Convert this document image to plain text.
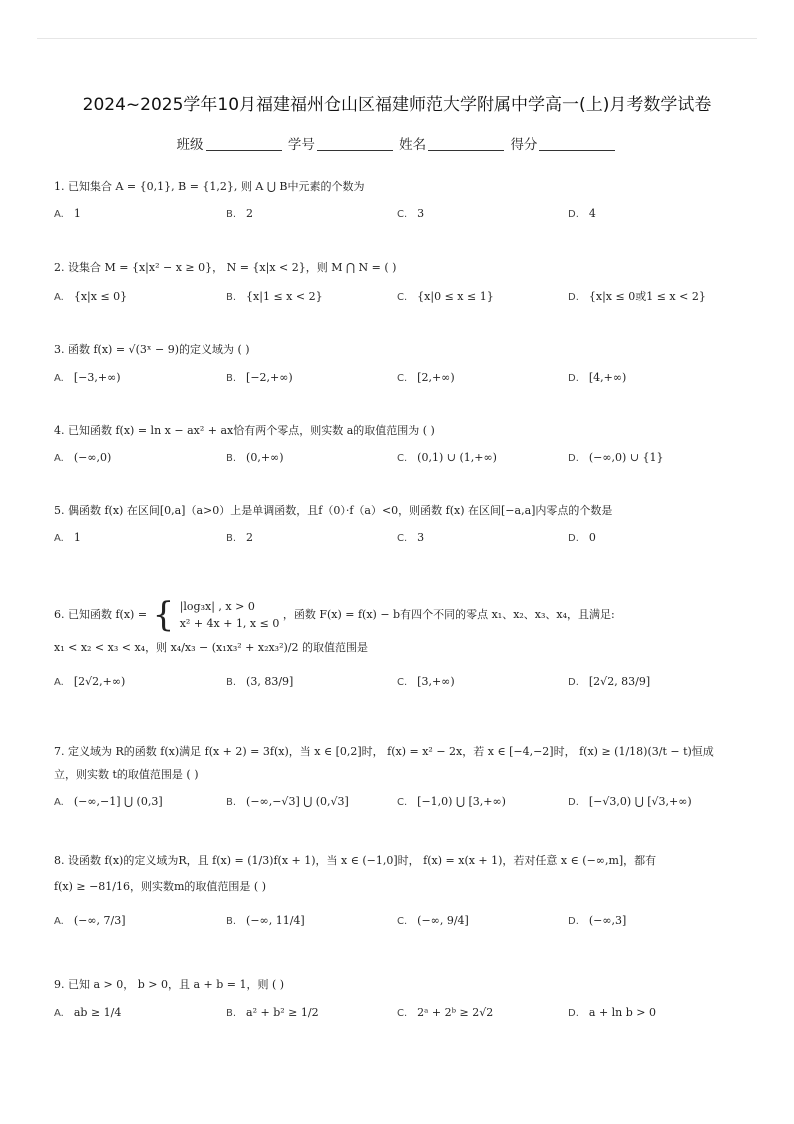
2024~2025学年10月福建福州仓山区福建师范大学附属中学高一(上)月考数学试卷
班级	学号	姓名	得分
1. 已知集合 A = {0,1}, B = {1,2}, 则 A ⋃ B中元素的个数为
A. 1	B. 2	C. 3	D. 4
2. 设集合 M = {x|x² − x ≥ 0}， N = {x|x < 2}，则 M ⋂ N = ( )
A. {x|x ≤ 0}	B. {x|1 ≤ x < 2}	C. {x|0 ≤ x ≤ 1}	D. {x|x ≤ 0或1 ≤ x < 2}
3. 函数 f(x) = √(3ˣ − 9)的定义域为 ( )
A. [−3,+∞)	B. [−2,+∞)	C. [2,+∞)	D. [4,+∞)
4. 已知函数 f(x) = ln x − ax² + ax恰有两个零点，则实数 a的取值范围为 ( )
A. (−∞,0)	B. (0,+∞)	C. (0,1) ∪ (1,+∞)	D. (−∞,0) ∪ {1}
5. 偶函数 f(x) 在区间[0,a]（a>0）上是单调函数，且f（0）·f（a）<0，则函数 f(x) 在区间[−a,a]内零点的个数是
A. 1	B. 2	C. 3	D. 0
6. 已知函数 f(x) = { |log₃x| , x > 0
x² + 4x + 1, x ≤ 0
，函数 F(x) = f(x) − b有四个不同的零点 x₁、x₂、x₃、x₄，且满足:
x₁ < x₂ < x₃ < x₄，则 x₄/x₃ − (x₁x₃² + x₂x₃²)/2 的取值范围是
A. [2√2,+∞)	B. (3, 83/9]	C. [3,+∞)	D. [2√2, 83/9]
7. 定义域为 R的函数 f(x)满足 f(x + 2) = 3f(x)，当 x ∈ [0,2]时， f(x) = x² − 2x，若 x ∈ [−4,−2]时， f(x) ≥ (1/18)(3/t − t)恒成
立，则实数 t的取值范围是 ( )
A. (−∞,−1] ⋃ (0,3]	B. (−∞,−√3] ⋃ (0,√3]	C. [−1,0) ⋃ [3,+∞)	D. [−√3,0) ⋃ [√3,+∞)
8. 设函数 f(x)的定义域为R，且 f(x) = (1/3)f(x + 1)，当 x ∈ (−1,0]时， f(x) = x(x + 1)，若对任意 x ∈ (−∞,m]，都有
f(x) ≥ −81/16，则实数m的取值范围是 ( )
A. (−∞, 7/3]	B. (−∞, 11/4]	C. (−∞, 9/4]	D. (−∞,3]
9. 已知 a > 0， b > 0，且 a + b = 1，则 ( )
A. ab ≥ 1/4	B. a² + b² ≥ 1/2	C. 2ᵃ + 2ᵇ ≥ 2√2	D. a + ln b > 0
